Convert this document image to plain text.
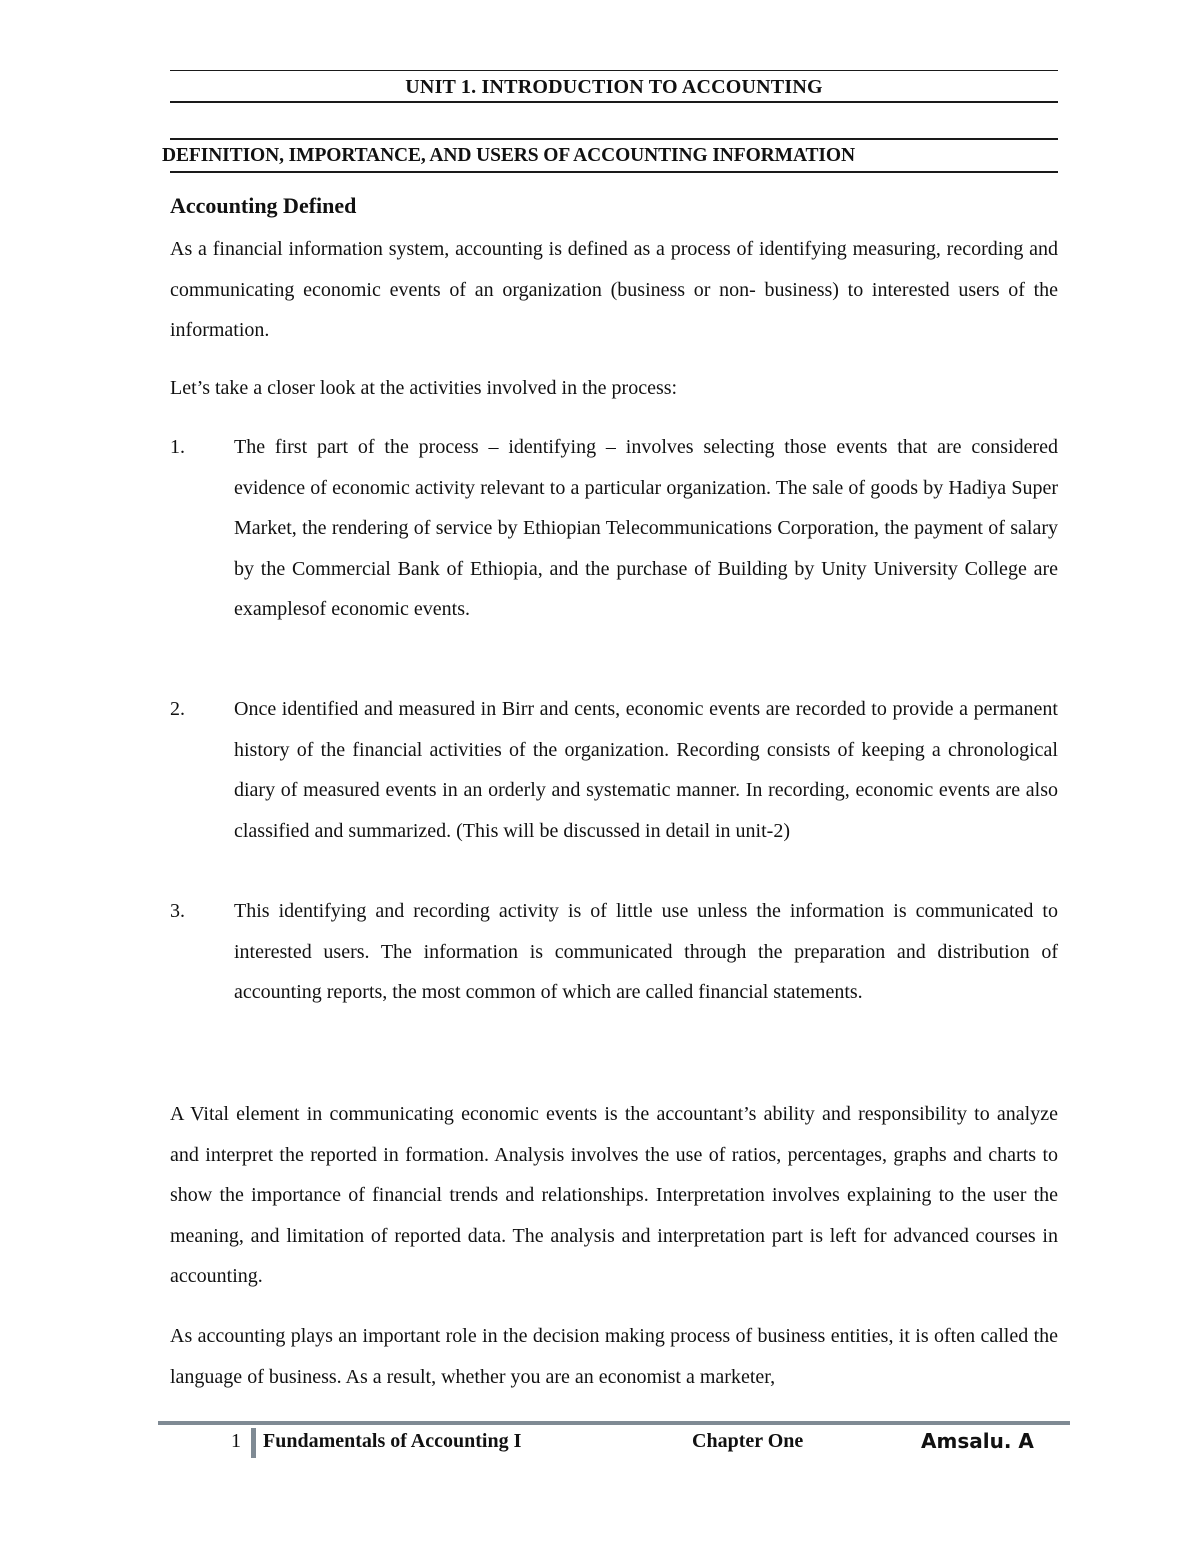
UNIT 1. INTRODUCTION TO ACCOUNTING
DEFINITION, IMPORTANCE, AND USERS OF ACCOUNTING INFORMATION
Accounting Defined

As a financial information system, accounting is defined as a process of identifying measuring, recording and communicating economic events of an organization (business or non- business) to interested users of the information.

Let’s take a closer look at the activities involved in the process:

1. The first part of the process – identifying – involves selecting those events that are considered evidence of economic activity relevant to a particular organization. The sale of goods by Hadiya Super Market, the rendering of service by Ethiopian Telecommunications Corporation, the payment of salary by the Commercial Bank of Ethiopia, and the purchase of Building by Unity University College are examplesof economic events.

2. Once identified and measured in Birr and cents, economic events are recorded to provide a permanent history of the financial activities of the organization. Recording consists of keeping a chronological diary of measured events in an orderly and systematic manner. In recording, economic events are also classified and summarized. (This will be discussed in detail in unit-2)

3. This identifying and recording activity is of little use unless the information is communicated to interested users. The information is communicated through the preparation and distribution of accounting reports, the most common of which are called financial statements.

A Vital element in communicating economic events is the accountant’s ability and responsibility to analyze and interpret the reported in formation. Analysis involves the use of ratios, percentages, graphs and charts to show the importance of financial trends and relationships. Interpretation involves explaining to the user the meaning, and limitation of reported data. The analysis and interpretation part is left for advanced courses in accounting.

As accounting plays an important role in the decision making process of business entities, it is often called the language of business. As a result, whether you are an economist a marketer,

1 Fundamentals of Accounting I	Chapter One	Amsalu. A
